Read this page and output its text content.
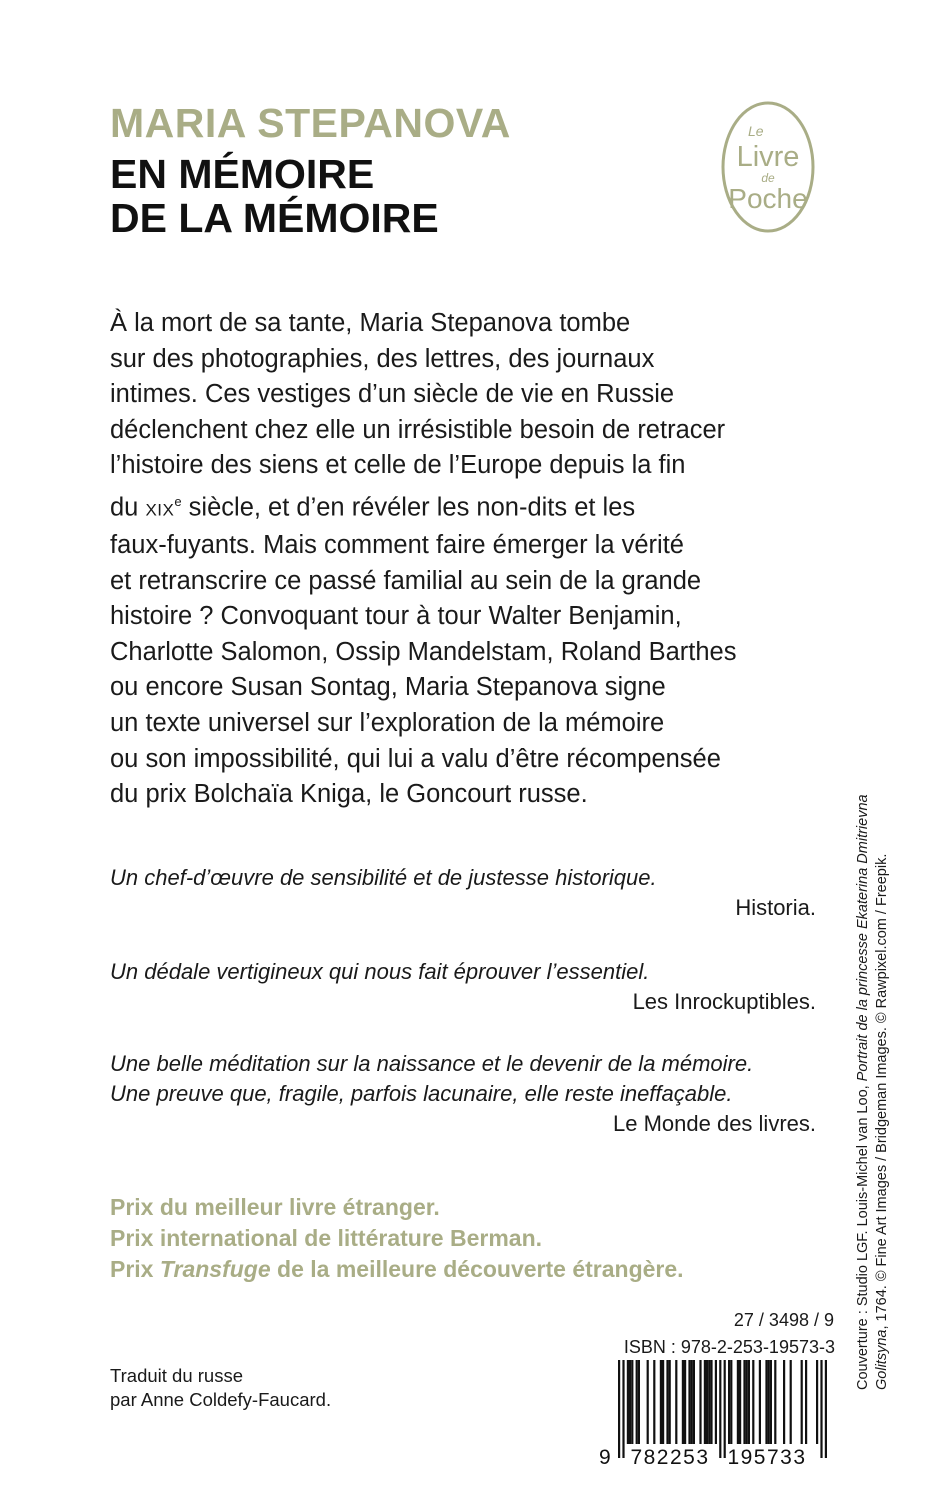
MARIA STEPANOVA
EN MÉMOIRE
DE LA MÉMOIRE
Le
Livre
de
Poche
À la mort de sa tante, Maria Stepanova tombe
sur des photographies, des lettres, des journaux
intimes. Ces vestiges d’un siècle de vie en Russie
déclenchent chez elle un irrésistible besoin de retracer
l’histoire des siens et celle de l’Europe depuis la fin
du XIXe siècle, et d’en révéler les non-dits et les
faux-fuyants. Mais comment faire émerger la vérité
et retranscrire ce passé familial au sein de la grande
histoire ? Convoquant tour à tour Walter Benjamin,
Charlotte Salomon, Ossip Mandelstam, Roland Barthes
ou encore Susan Sontag, Maria Stepanova signe
un texte universel sur l’exploration de la mémoire
ou son impossibilité, qui lui a valu d’être récompensée
du prix Bolchaïa Kniga, le Goncourt russe.
Un chef-d’œuvre de sensibilité et de justesse historique.
Historia.
Un dédale vertigineux qui nous fait éprouver l’essentiel.
Les Inrockuptibles.
Une belle méditation sur la naissance et le devenir de la mémoire.
Une preuve que, fragile, parfois lacunaire, elle reste ineffaçable.
Le Monde des livres.
Prix du meilleur livre étranger.
Prix international de littérature Berman.
Prix Transfuge de la meilleure découverte étrangère.
Traduit du russe
par Anne Coldefy-Faucard.
27 / 3498 / 9
ISBN : 978-2-253-19573-3
9 782253 195733
Couverture : Studio LGF. Louis-Michel van Loo, Portrait de la princesse Ekaterina Dmitrievna
Golitsyna, 1764. © Fine Art Images / Bridgeman Images. © Rawpixel.com / Freepik.
